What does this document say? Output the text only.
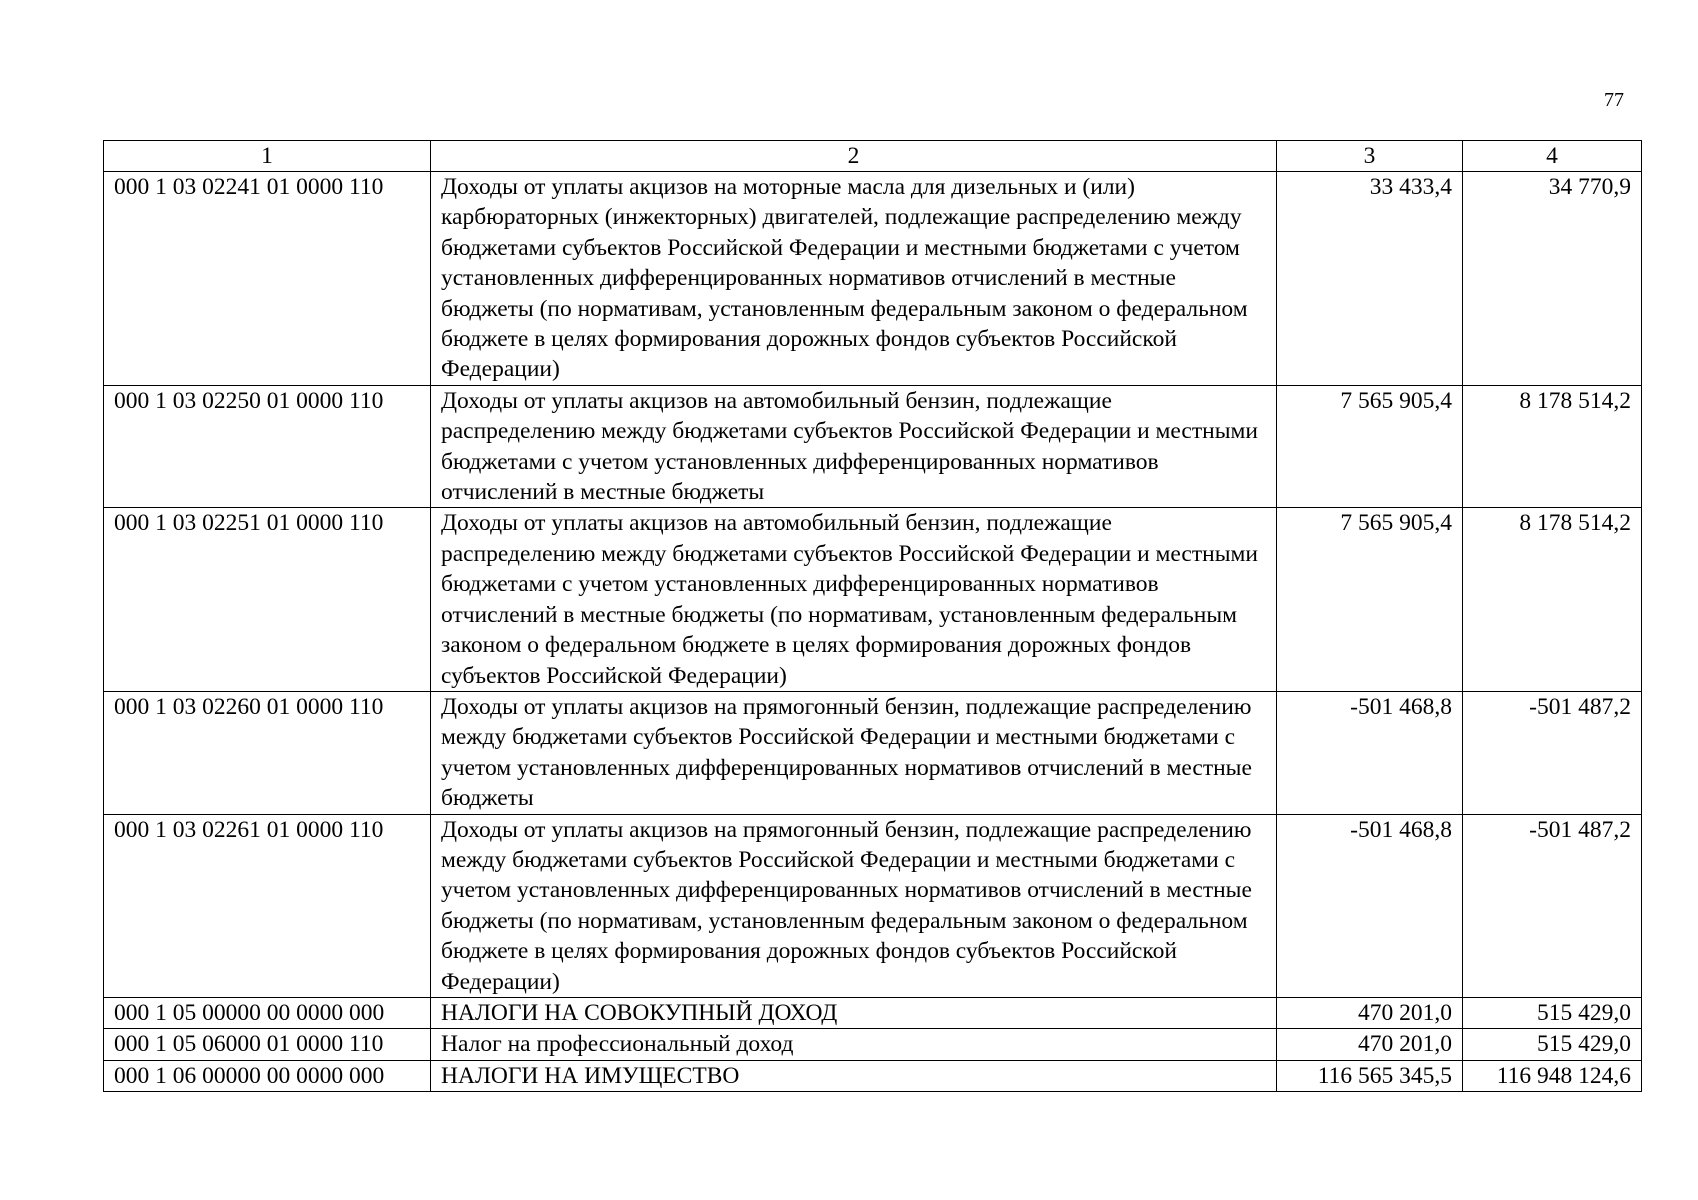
77
1	2	3	4
000 1 03 02241 01 0000 110	Доходы от уплаты акцизов на моторные масла для дизельных и (или) карбюраторных (инжекторных) двигателей, подлежащие распределению между бюджетами субъектов Российской Федерации и местными бюджетами с учетом установленных дифференцированных нормативов отчислений в местные бюджеты (по нормативам, установленным федеральным законом о федеральном бюджете в целях формирования дорожных фондов субъектов Российской Федерации)	33 433,4	34 770,9
000 1 03 02250 01 0000 110	Доходы от уплаты акцизов на автомобильный бензин, подлежащие распределению между бюджетами субъектов Российской Федерации и местными бюджетами с учетом установленных дифференцированных нормативов отчислений в местные бюджеты	7 565 905,4	8 178 514,2
000 1 03 02251 01 0000 110	Доходы от уплаты акцизов на автомобильный бензин, подлежащие распределению между бюджетами субъектов Российской Федерации и местными бюджетами с учетом установленных дифференцированных нормативов отчислений в местные бюджеты (по нормативам, установленным федеральным законом о федеральном бюджете в целях формирования дорожных фондов субъектов Российской Федерации)	7 565 905,4	8 178 514,2
000 1 03 02260 01 0000 110	Доходы от уплаты акцизов на прямогонный бензин, подлежащие распределению между бюджетами субъектов Российской Федерации и местными бюджетами с учетом установленных дифференцированных нормативов отчислений в местные бюджеты	-501 468,8	-501 487,2
000 1 03 02261 01 0000 110	Доходы от уплаты акцизов на прямогонный бензин, подлежащие распределению между бюджетами субъектов Российской Федерации и местными бюджетами с учетом установленных дифференцированных нормативов отчислений в местные бюджеты (по нормативам, установленным федеральным законом о федеральном бюджете в целях формирования дорожных фондов субъектов Российской Федерации)	-501 468,8	-501 487,2
000 1 05 00000 00 0000 000	НАЛОГИ НА СОВОКУПНЫЙ ДОХОД	470 201,0	515 429,0
000 1 05 06000 01 0000 110	Налог на профессиональный доход	470 201,0	515 429,0
000 1 06 00000 00 0000 000	НАЛОГИ НА ИМУЩЕСТВО	116 565 345,5	116 948 124,6
